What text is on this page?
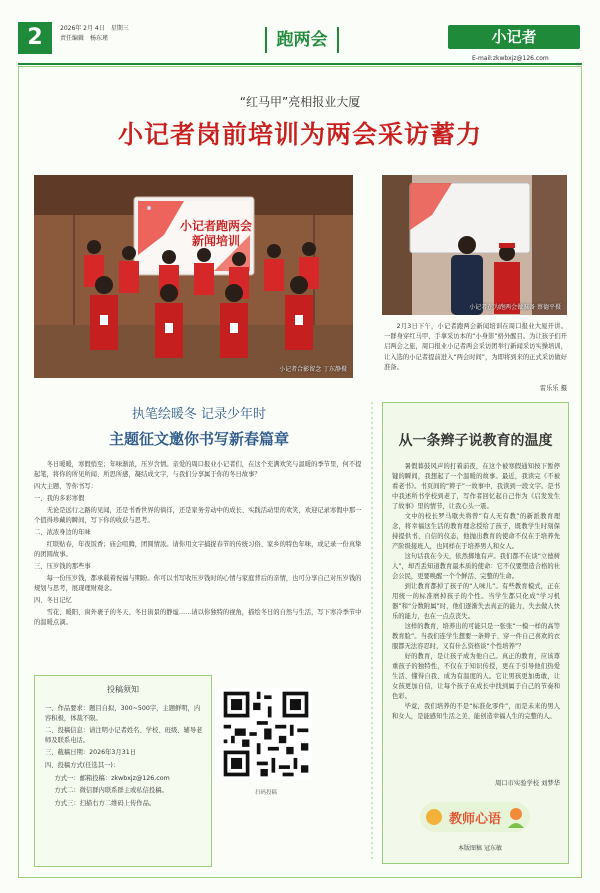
2	2026年 2月 4日　星期三
责任编辑　杨东瑾	跑两会	小记者
E-mail:zkwbxjz@126.com
“红马甲”亮相报业大厦
小记者岗前培训为两会采访蓄力
小记者跑两会
新闻培训
小记者合影留念 丁东静摄
小记者在为跑两会做准备 蔡德平摄
2月3日下午，小记者跑两会新闻培训在周口报业大厦开讲。一群身穿红马甲、手拿采访本的“小身影”格外醒目。为让孩子们开启两会之旅，周口报业小记者两会采访团举行新闻采访实操培训，让入选的小记者提前进入“两会时间”，为即将到来的正式采访做好准备。
雷乐乐 摄
执笔绘暖冬 记录少年时
主题征文邀你书写新春篇章

冬日暖暖，寒假悄至；年味渐浓，压岁含情。亲爱的周口报业小记者们，在这个充满欢笑与温暖的季节里，何不提起笔，将你的所见所闻、所思所感，凝结成文字，与我们分享属于你的冬日故事？

四大主题，等你书写：

一、我的多彩寒假

无论是远行之路的见闻，还是书香世界的徜徉，还是家务劳动中的成长、实践活动里的欢笑，欢迎记录寒假中那一个值得珍藏的瞬间，写下你的收获与思考。

二、浓浓身边的年味

红联贴春，年夜饭香；庙会喧腾，团圆情浓。请你用文字捕捉春节的传统习俗、家乡的特色年味，或记录一份真挚的团圆故事。

三、压岁钱的那些事

每一份压岁钱，都承载着祝福与期盼。你可以书写收压岁钱时的心情与家庭背后的亲情，也可分享自己对压岁钱的规划与思考，展现理财观念。

四、冬日记忆

雪花、暖阳、窗外裹子的冬天、冬日街景的静谧……请以你独特的视角，描绘冬日的自然与生活，写下寒冷季节中的温暖点滴。

投稿须知

一、作品要求：题目自拟，300~500字，主题鲜明，内容积极，体裁不限。

二、投稿信息：请注明小记者姓名、学校、班级、辅导老师及联系电话。

三、截稿日期：2026年3月31日

四、投稿方式(任选其一)：

方式一：邮箱投稿：zkwbxjz@126.com

方式二：微信群内联系群主或私信投稿。

方式三：扫描右方二维码上传作品。

扫码投稿
从一条辫子说教育的温度

暑假暮鼓风声的打着前夜，在这个被寒假通知按下暂停键的瞬间，我想起了一个温暖的故事。最近，我读完《不被看老书》。书页间的“辫子”一故事中，我读到一段文字。是书中我述所书学校到老了，写作者回忆起自己作为《启发发生了故事》里的情节，让我心头一震。

文中的校长罗马歇夫将曾“有人无有教”的新派教育理念，将幸福这生活的教育理念授给了孩子，既教学生时刻保持提供书、自信的仪态，他抛出教育的使命不仅在于培养先产阶级接班人，也同样在于培养男人和女人。

这句话我在今天，依然掷地有声。我们都不在谈“立德树人”，却否丢知道教育最本质的使命：它不仅要塑造合格的社会公民，更要唤醒一个个鲜活、完整的生命。

到让教育都掉了孩子的“人味儿”。有些教育模式，正在用统一的标准磨掉孩子的个性。当学生都只化成“学习机器”和“分数附属”时，他们逐渐失去真正的能力，失去做人快乐的能力，也在一点点丧失。

这样的教育，培养出的可能只是一张张“一模一样的高等教育脸”。当我们连学生想要一条辫子、穿一件自己喜欢的衣服都无法容忍时，又有什么资格谈“个性培养”？

好的教育，是让孩子成为他自己。真正的教育，应该尊重孩子的独特性，不仅在于知识传授，更在于引导他们热爱生活、懂得自我、成为有温度的人。它让男孩更加勇敢，让女孩更加自信，让每个孩子在成长中找到属于自己的节奏和色彩。

毕竟，我们培养的不是“标准化零件”，而是未来的男人和女人，是能感知生活之美、能创造幸福人生的完整的人。

周口市实验学校 刘梦华
教师心语
本版图稿 冠东敏
